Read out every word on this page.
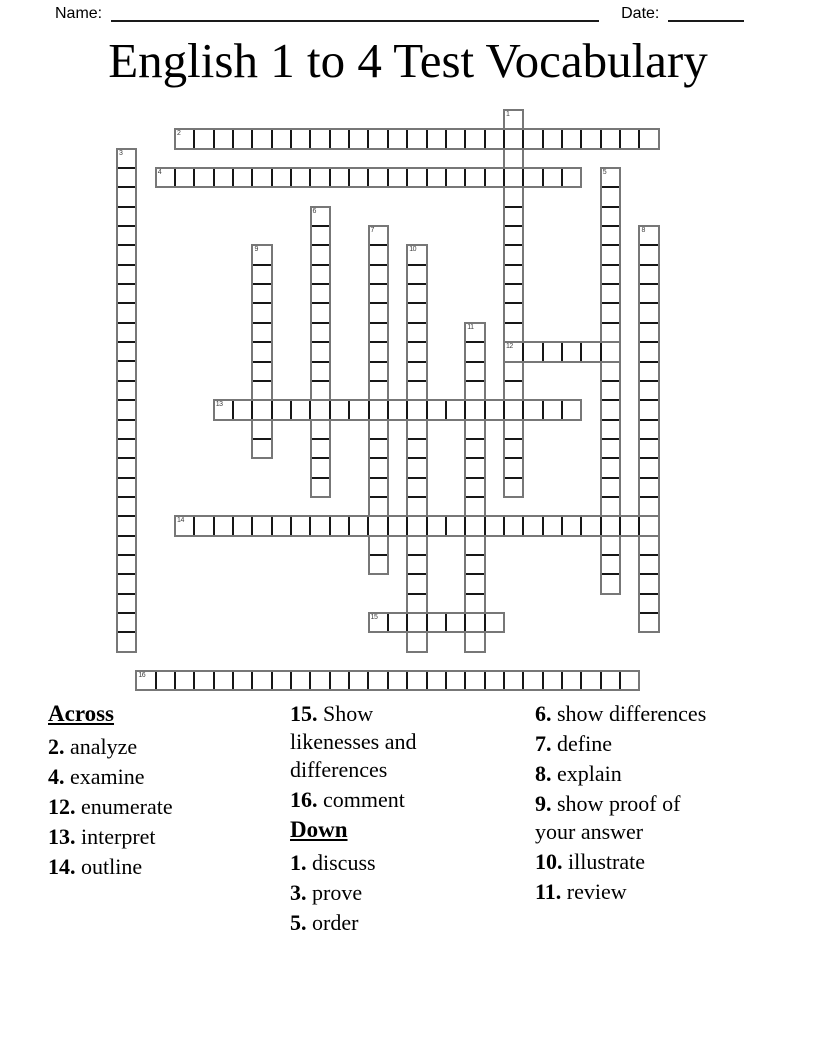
Name:	Date:
English 1 to 4 Test Vocabulary
1
2
3
4	5
6
7	8
9	10
11
12
13
14
15
16
Across
2. analyze
4. examine
12. enumerate
13. interpret
14. outline
15. Show likenesses and differences
16. comment
Down
1. discuss
3. prove
5. order
6. show differences
7. define
8. explain
9. show proof of your answer
10. illustrate
11. review
